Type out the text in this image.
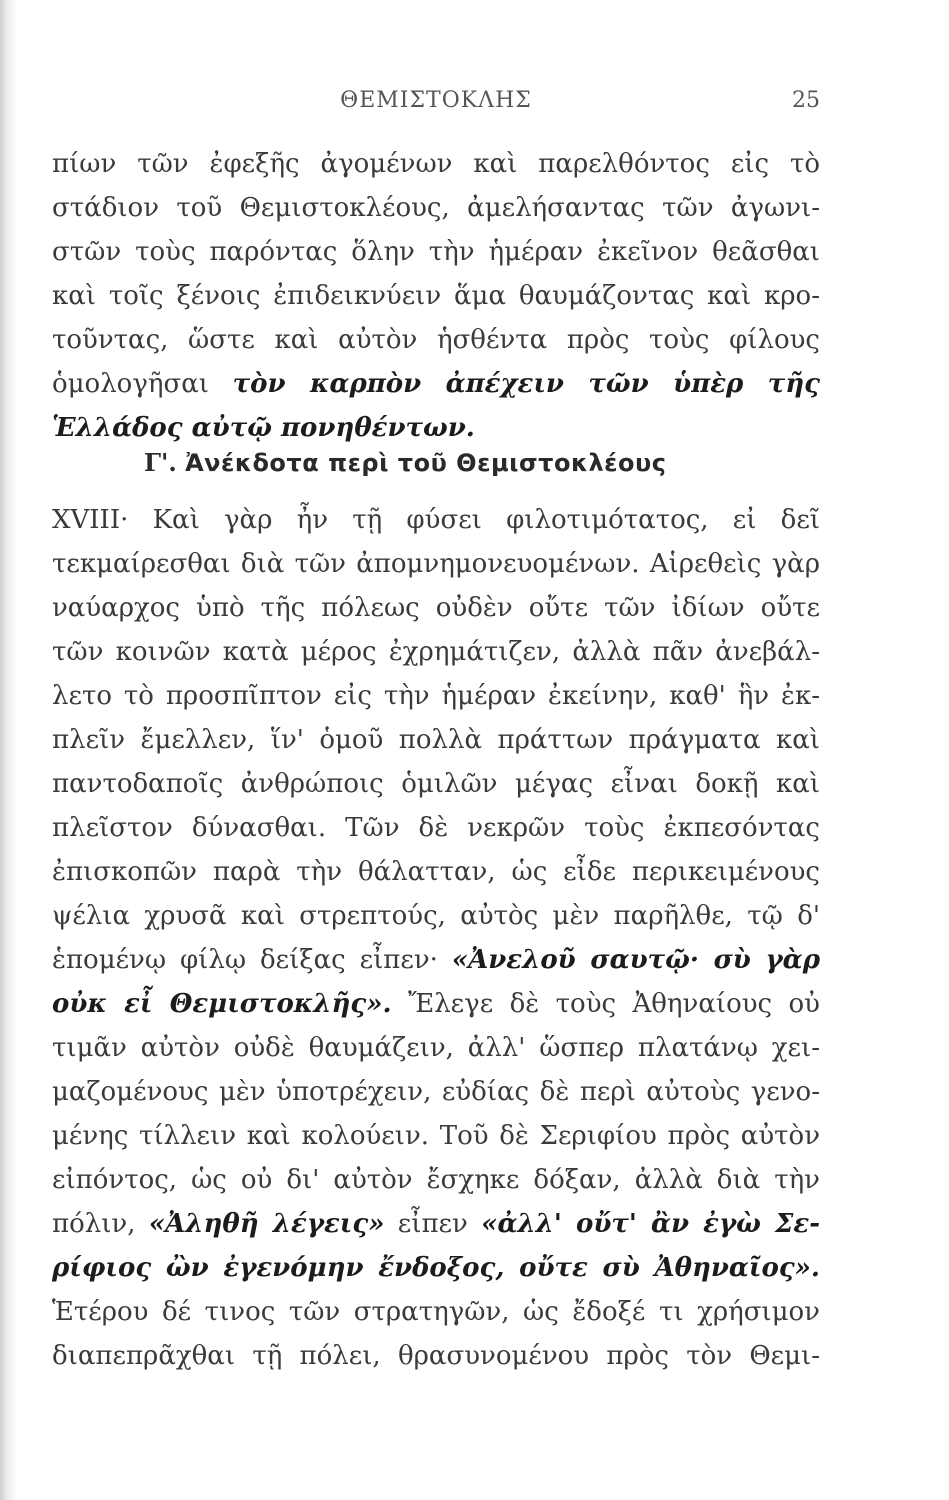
ΘΕΜΙΣΤΟΚΛΗΣ	25
πίων τῶν ἐφεξῆς ἀγομένων καὶ παρελθόντος εἰς τὸ
στάδιον τοῦ Θεμιστοκλέους, ἀμελήσαντας τῶν ἀγωνι-
στῶν τοὺς παρόντας ὅλην τὴν ἡμέραν ἐκεῖνον θεᾶσθαι
καὶ τοῖς ξένοις ἐπιδεικνύειν ἅμα θαυμάζοντας καὶ κρο-
τοῦντας, ὥστε καὶ αὐτὸν ἡσθέντα πρὸς τοὺς φίλους
ὁμολογῆσαι τὸν καρπὸν ἀπέχειν τῶν ὑπὲρ τῆς
Ἑλλάδος αὐτῷ πονηθέντων.
Γ'. Ἀνέκδοτα περὶ τοῦ Θεμιστοκλέους
XVIII· Καὶ γὰρ ἦν τῇ φύσει φιλοτιμότατος, εἰ δεῖ
τεκμαίρεσθαι διὰ τῶν ἀπομνημονευομένων. Αἱρεθεὶς γὰρ
ναύαρχος ὑπὸ τῆς πόλεως οὐδὲν οὔτε τῶν ἰδίων οὔτε
τῶν κοινῶν κατὰ μέρος ἐχρημάτιζεν, ἀλλὰ πᾶν ἀνεβάλ-
λετο τὸ προσπῖπτον εἰς τὴν ἡμέραν ἐκείνην, καθ' ἣν ἐκ-
πλεῖν ἔμελλεν, ἵν' ὁμοῦ πολλὰ πράττων πράγματα καὶ
παντοδαποῖς ἀνθρώποις ὁμιλῶν μέγας εἶναι δοκῇ καὶ
πλεῖστον δύνασθαι. Τῶν δὲ νεκρῶν τοὺς ἐκπεσόντας
ἐπισκοπῶν παρὰ τὴν θάλατταν, ὡς εἶδε περικειμένους
ψέλια χρυσᾶ καὶ στρεπτούς, αὐτὸς μὲν παρῆλθε, τῷ δ'
ἑπομένῳ φίλῳ δείξας εἶπεν· «Ἀνελοῦ σαυτῷ· σὺ γὰρ
οὐκ εἶ Θεμιστοκλῆς». Ἔλεγε δὲ τοὺς Ἀθηναίους οὐ
τιμᾶν αὐτὸν οὐδὲ θαυμάζειν, ἀλλ' ὥσπερ πλατάνῳ χει-
μαζομένους μὲν ὑποτρέχειν, εὐδίας δὲ περὶ αὐτοὺς γενο-
μένης τίλλειν καὶ κολούειν. Τοῦ δὲ Σεριφίου πρὸς αὐτὸν
εἰπόντος, ὡς οὐ δι' αὐτὸν ἔσχηκε δόξαν, ἀλλὰ διὰ τὴν
πόλιν, «Ἀληθῆ λέγεις» εἶπεν «ἀλλ' οὔτ' ἂν ἐγὼ Σε-
ρίφιος ὢν ἐγενόμην ἔνδοξος, οὔτε σὺ Ἀθηναῖος».
Ἑτέρου δέ τινος τῶν στρατηγῶν, ὡς ἔδοξέ τι χρήσιμον
διαπεπρᾶχθαι τῇ πόλει, θρασυνομένου πρὸς τὸν Θεμι-
